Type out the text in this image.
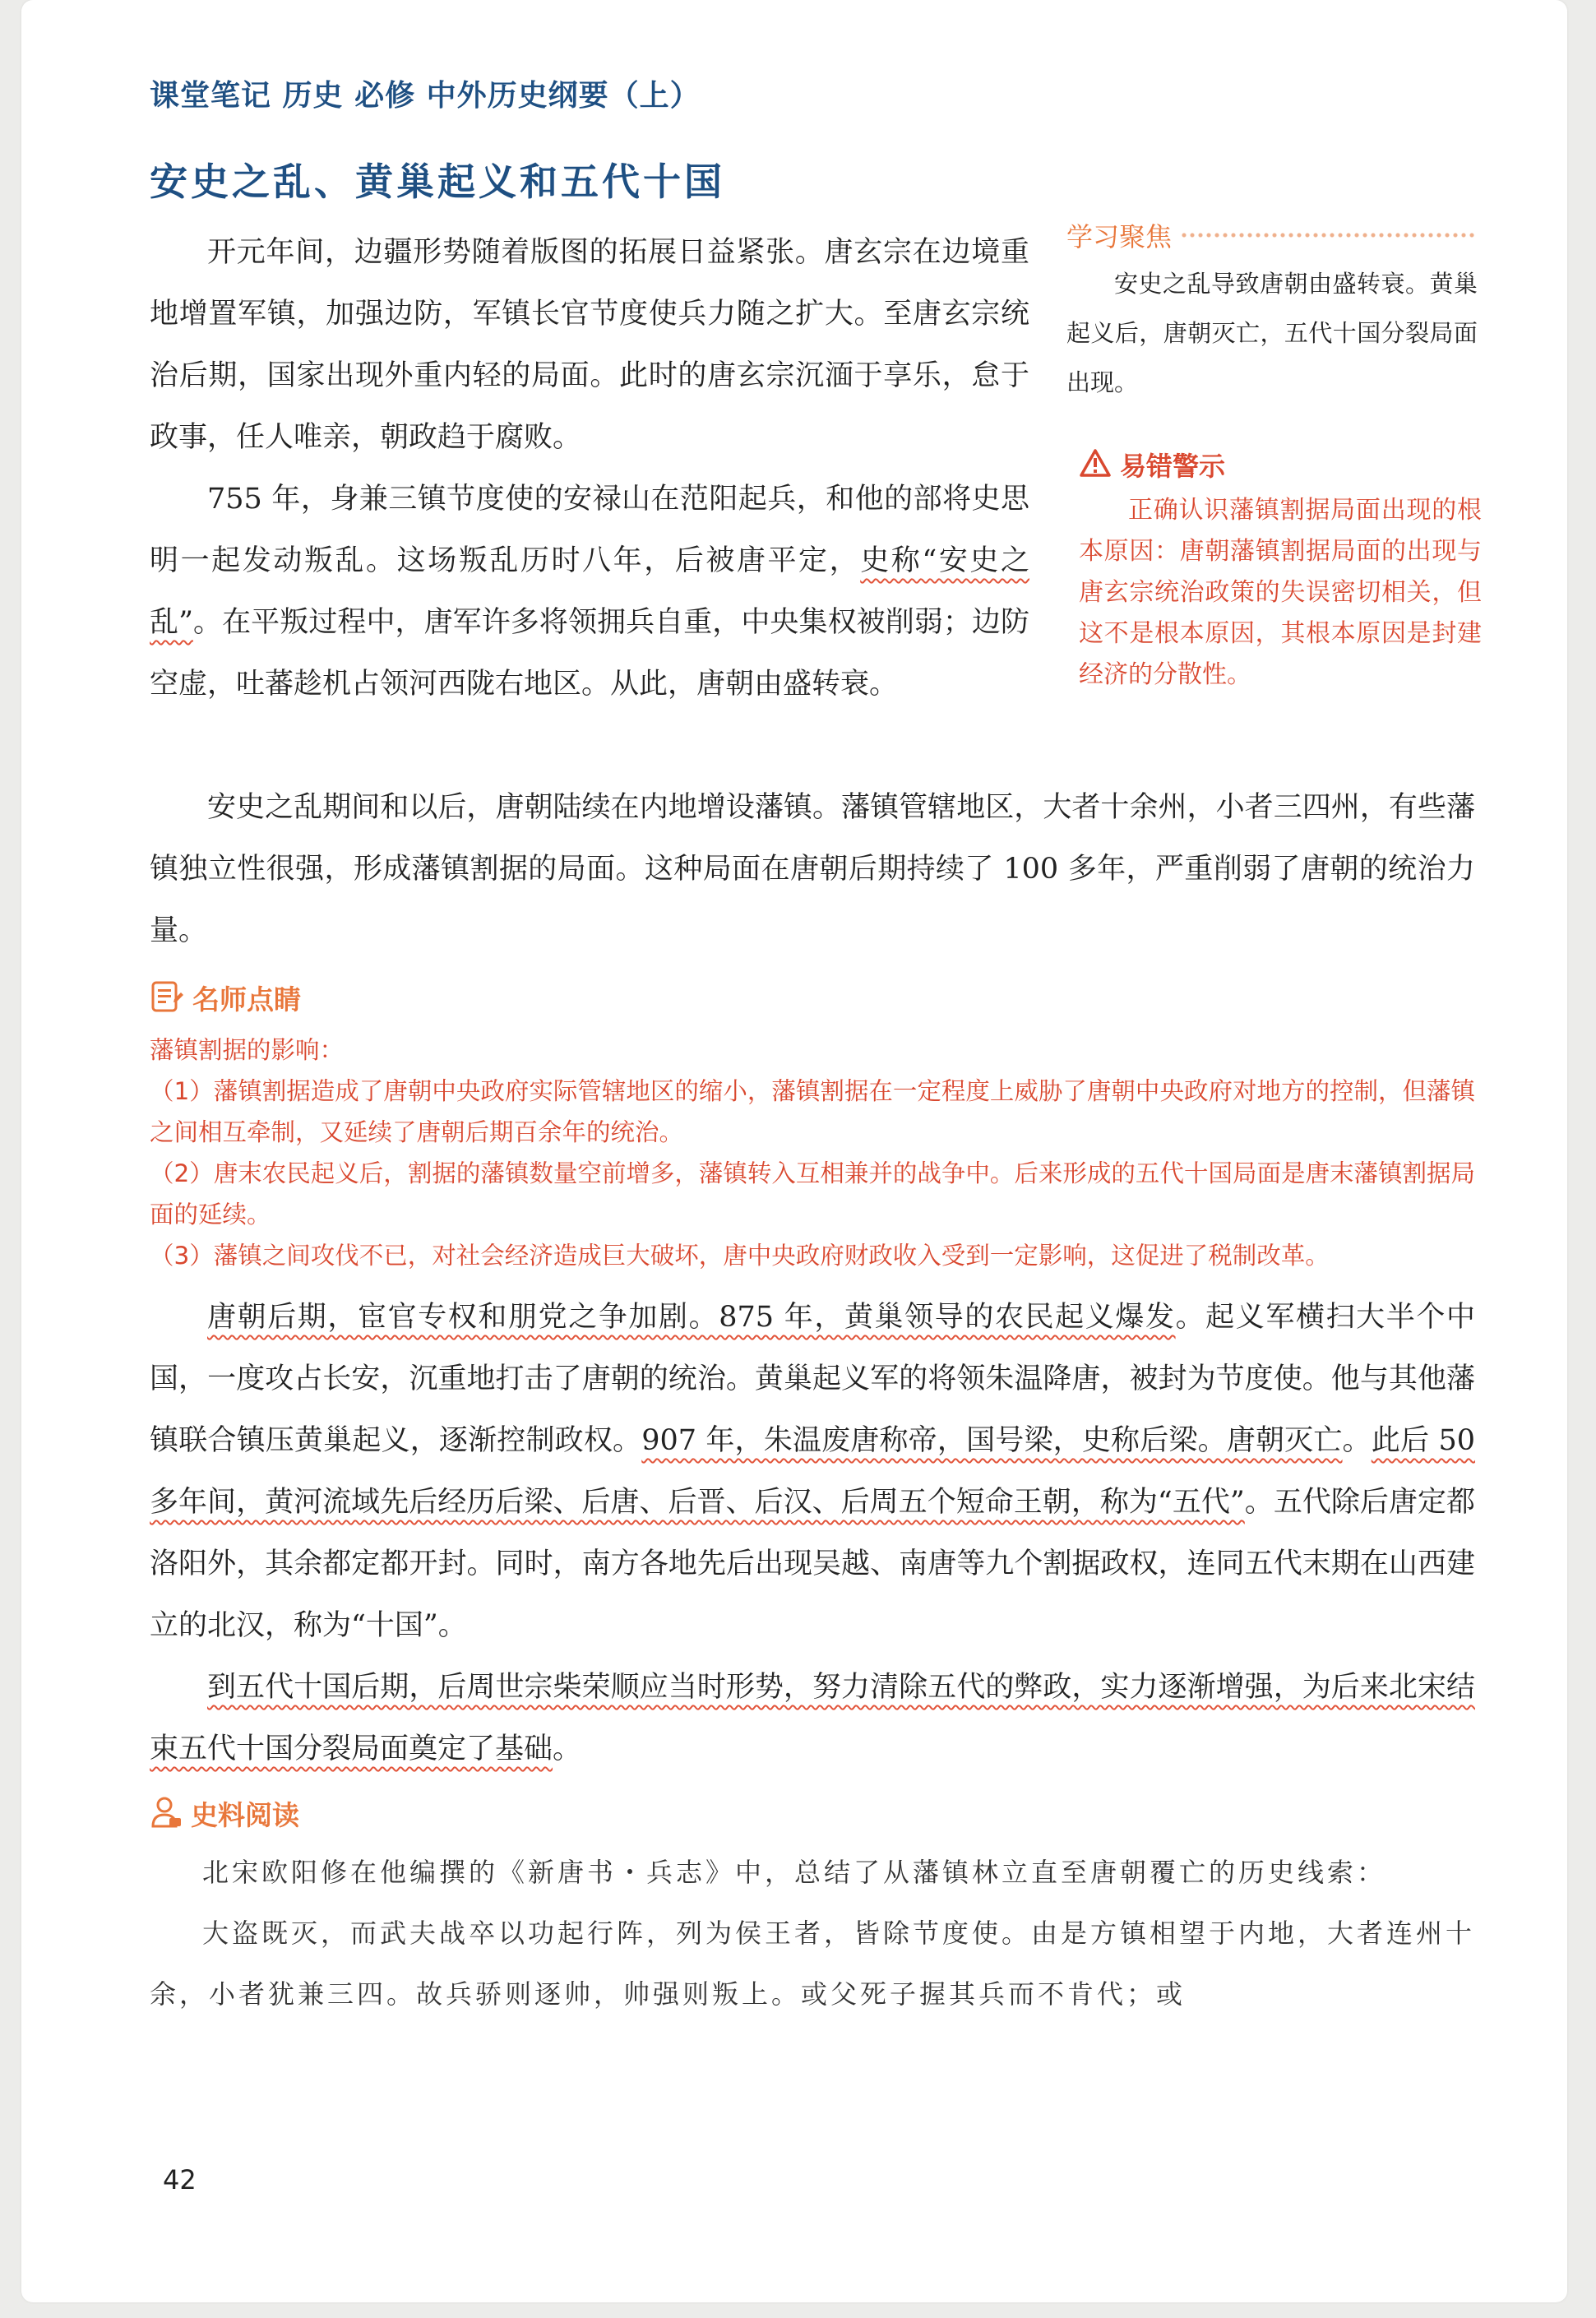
课堂笔记 历史 必修 中外历史纲要（上）
安史之乱、黄巢起义和五代十国

开元年间，边疆形势随着版图的拓展日益紧张。唐玄宗在边境重地增置军镇，加强边防，军镇长官节度使兵力随之扩大。至唐玄宗统治后期，国家出现外重内轻的局面。此时的唐玄宗沉湎于享乐，怠于政事，任人唯亲，朝政趋于腐败。

755 年，身兼三镇节度使的安禄山在范阳起兵，和他的部将史思明一起发动叛乱。这场叛乱历时八年，后被唐平定，史称“安史之乱”。在平叛过程中，唐军许多将领拥兵自重，中央集权被削弱；边防空虚，吐蕃趁机占领河西陇右地区。从此，唐朝由盛转衰。

安史之乱期间和以后，唐朝陆续在内地增设藩镇。藩镇管辖地区，大者十余州，小者三四州，有些藩镇独立性很强，形成藩镇割据的局面。这种局面在唐朝后期持续了 100 多年，严重削弱了唐朝的统治力量。

学习聚焦

安史之乱导致唐朝由盛转衰。黄巢起义后，唐朝灭亡，五代十国分裂局面出现。

易错警示

正确认识藩镇割据局面出现的根本原因：唐朝藩镇割据局面的出现与唐玄宗统治政策的失误密切相关，但这不是根本原因，其根本原因是封建经济的分散性。

名师点睛

藩镇割据的影响：

（1）藩镇割据造成了唐朝中央政府实际管辖地区的缩小，藩镇割据在一定程度上威胁了唐朝中央政府对地方的控制，但藩镇之间相互牵制，又延续了唐朝后期百余年的统治。

（2）唐末农民起义后，割据的藩镇数量空前增多，藩镇转入互相兼并的战争中。后来形成的五代十国局面是唐末藩镇割据局面的延续。

（3）藩镇之间攻伐不已，对社会经济造成巨大破坏，唐中央政府财政收入受到一定影响，这促进了税制改革。

唐朝后期，宦官专权和朋党之争加剧。875 年，黄巢领导的农民起义爆发。起义军横扫大半个中国，一度攻占长安，沉重地打击了唐朝的统治。黄巢起义军的将领朱温降唐，被封为节度使。他与其他藩镇联合镇压黄巢起义，逐渐控制政权。907 年，朱温废唐称帝，国号梁，史称后梁。唐朝灭亡。此后 50 多年间，黄河流域先后经历后梁、后唐、后晋、后汉、后周五个短命王朝，称为“五代”。五代除后唐定都洛阳外，其余都定都开封。同时，南方各地先后出现吴越、南唐等九个割据政权，连同五代末期在山西建立的北汉，称为“十国”。

到五代十国后期，后周世宗柴荣顺应当时形势，努力清除五代的弊政，实力逐渐增强，为后来北宋结束五代十国分裂局面奠定了基础。

史料阅读

北宋欧阳修在他编撰的《新唐书・兵志》中，总结了从藩镇林立直至唐朝覆亡的历史线索：

大盗既灭，而武夫战卒以功起行阵，列为侯王者，皆除节度使。由是方镇相望于内地，大者连州十余，小者犹兼三四。故兵骄则逐帅，帅强则叛上。或父死子握其兵而不肯代；或

42
